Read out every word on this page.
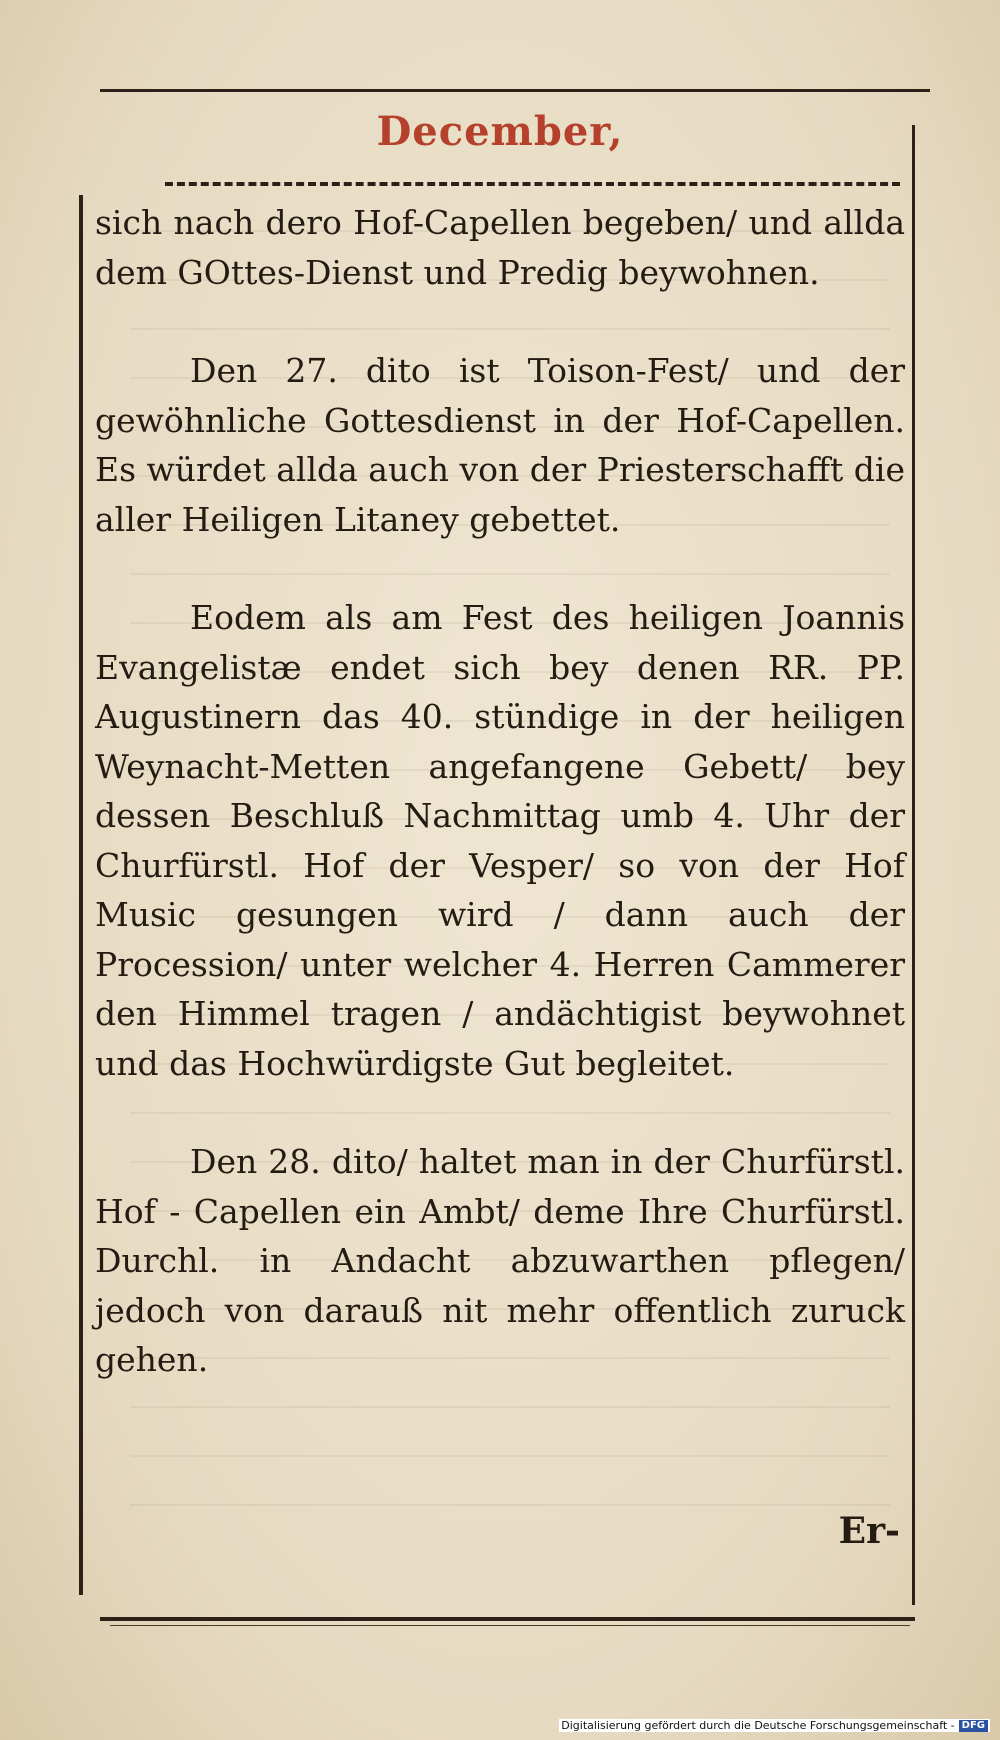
December,

sich nach dero Hof-Capellen begeben/ und allda dem GOttes-Dienst und Predig beywohnen.

Den 27. dito ist Toison-Fest/ und der gewöhnliche Gottesdienst in der Hof-Capellen. Es würdet allda auch von der Priesterschafft die aller Heiligen Litaney gebettet.

Eodem als am Fest des heiligen Joannis Evangelistæ endet sich bey denen RR. PP. Augustinern das 40. stündige in der heiligen Weynacht-Metten angefangene Gebett/ bey dessen Beschluß Nachmittag umb 4. Uhr der Churfürstl. Hof der Vesper/ so von der Hof Music gesungen wird / dann auch der Procession/ unter welcher 4. Herren Cammerer den Himmel tragen / andächtigist beywohnet und das Hochwürdigste Gut begleitet.

Den 28. dito/ haltet man in der Churfürstl. Hof - Capellen ein Ambt/ deme Ihre Churfürstl. Durchl. in Andacht abzuwarthen pflegen/ jedoch von darauß nit mehr offentlich zuruck gehen.

Er-
Digitalisierung gefördert durch die Deutsche Forschungsgemeinschaft - DFG
